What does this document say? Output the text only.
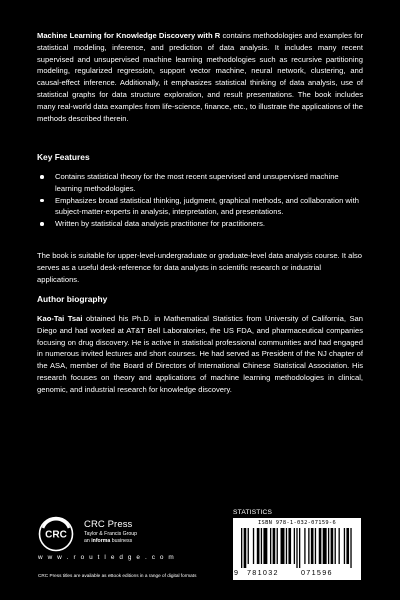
Machine Learning for Knowledge Discovery with R contains methodologies and examples for statistical modeling, inference, and prediction of data analysis. It includes many recent supervised and unsupervised machine learning methodologies such as recursive partitioning modeling, regularized regression, support vector machine, neural network, clustering, and causal-effect inference. Additionally, it emphasizes statistical thinking of data analysis, use of statistical graphs for data structure exploration, and result presentations. The book includes many real-world data examples from life-science, finance, etc., to illustrate the applications of the methods described therein.

Key Features

Contains statistical theory for the most recent supervised and unsupervised machine learning methodologies.
Emphasizes broad statistical thinking, judgment, graphical methods, and collaboration with subject-matter-experts in analysis, interpretation, and presentations.
Written by statistical data analysis practitioner for practitioners.

The book is suitable for upper-level-undergraduate or graduate-level data analysis course. It also serves as a useful desk-reference for data analysts in scientific research or industrial applications.

Author biography

Kao-Tai Tsai obtained his Ph.D. in Mathematical Statistics from University of California, San Diego and had worked at AT&T Bell Laboratories, the US FDA, and pharmaceutical companies focusing on drug discovery. He is active in statistical professional communities and had engaged in numerous invited lectures and short courses. He had served as President of the NJ chapter of the ASA, member of the Board of Directors of International Chinese Statistical Association. His research focuses on theory and applications of machine learning methodologies in clinical, genomic, and industrial research for knowledge discovery.

CRC
CRC Press
Taylor & Francis Group
an informa business
w w w . r o u t l e d g e . c o m
CRC Press titles are available as eBook editions in a range of digital formats
STATISTICS
ISBN 978-1-032-07159-6
9 781032	071596
